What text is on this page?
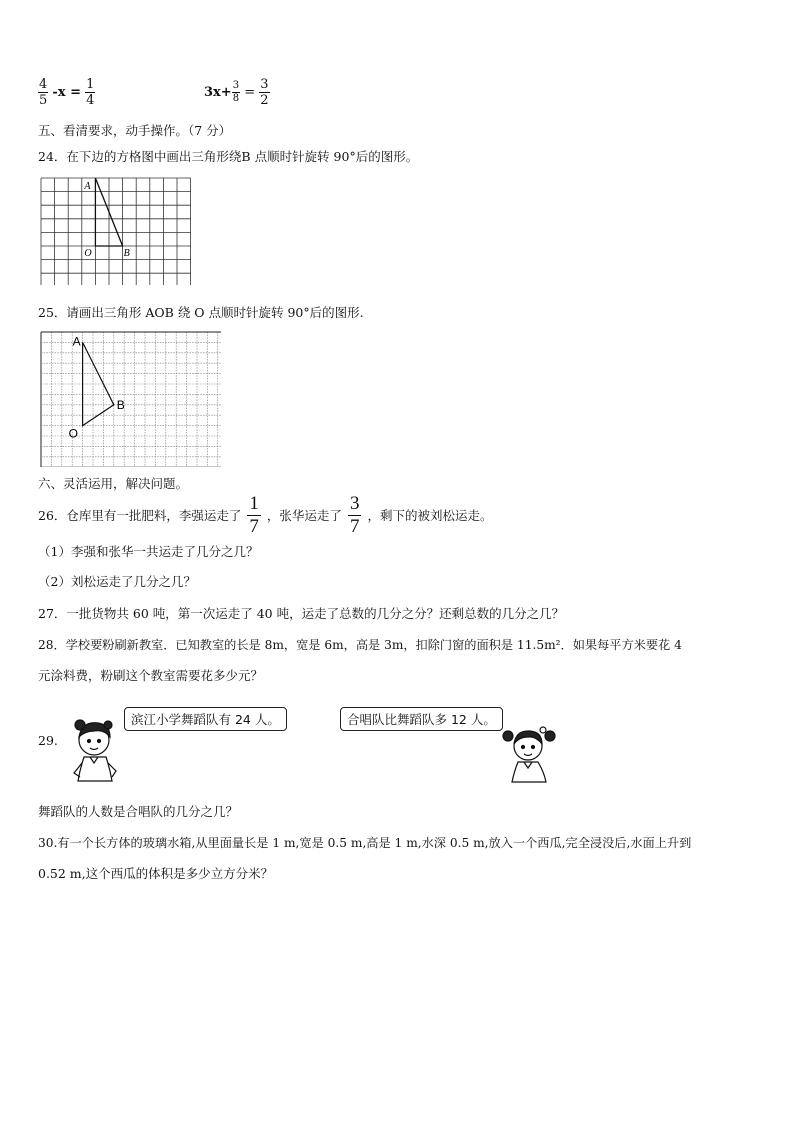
$\frac{4}{5} -x = \frac{1}{4}$	$3x+ \frac{3}{8} = \frac{3}{2}$
五、看清要求，动手操作。（7 分）
24．在下边的方格图中画出三角形绕B 点顺时针旋转 90°后的图形。
A
O	B
25．请画出三角形 AOB 绕 O 点顺时针旋转 90°后的图形.
A
B
O
六、灵活运用，解决问题。
26．仓库里有一批肥料，李强运走了 $\frac{1}{7}$ ，张华运走了 $\frac{3}{7}$ ，剩下的被刘松运走。
（1）李强和张华一共运走了几分之几？
（2）刘松运走了几分之几？
27．一批货物共 60 吨，第一次运走了 40 吨，运走了总数的几分之分？还剩总数的几分之几？
28．学校要粉刷新教室．已知教室的长是 8m，宽是 6m，高是 3m，扣除门窗的面积是 11.5m²．如果每平方米要花 4
元涂料费，粉刷这个教室需要花多少元？
29.
滨江小学舞蹈队有 24 人。	合唱队比舞蹈队多 12 人。
舞蹈队的人数是合唱队的几分之几？
30.有一个长方体的玻璃水箱,从里面量长是 1 m,宽是 0.5 m,高是 1 m,水深 0.5 m,放入一个西瓜,完全浸没后,水面上升到
0.52 m,这个西瓜的体积是多少立方分米？
